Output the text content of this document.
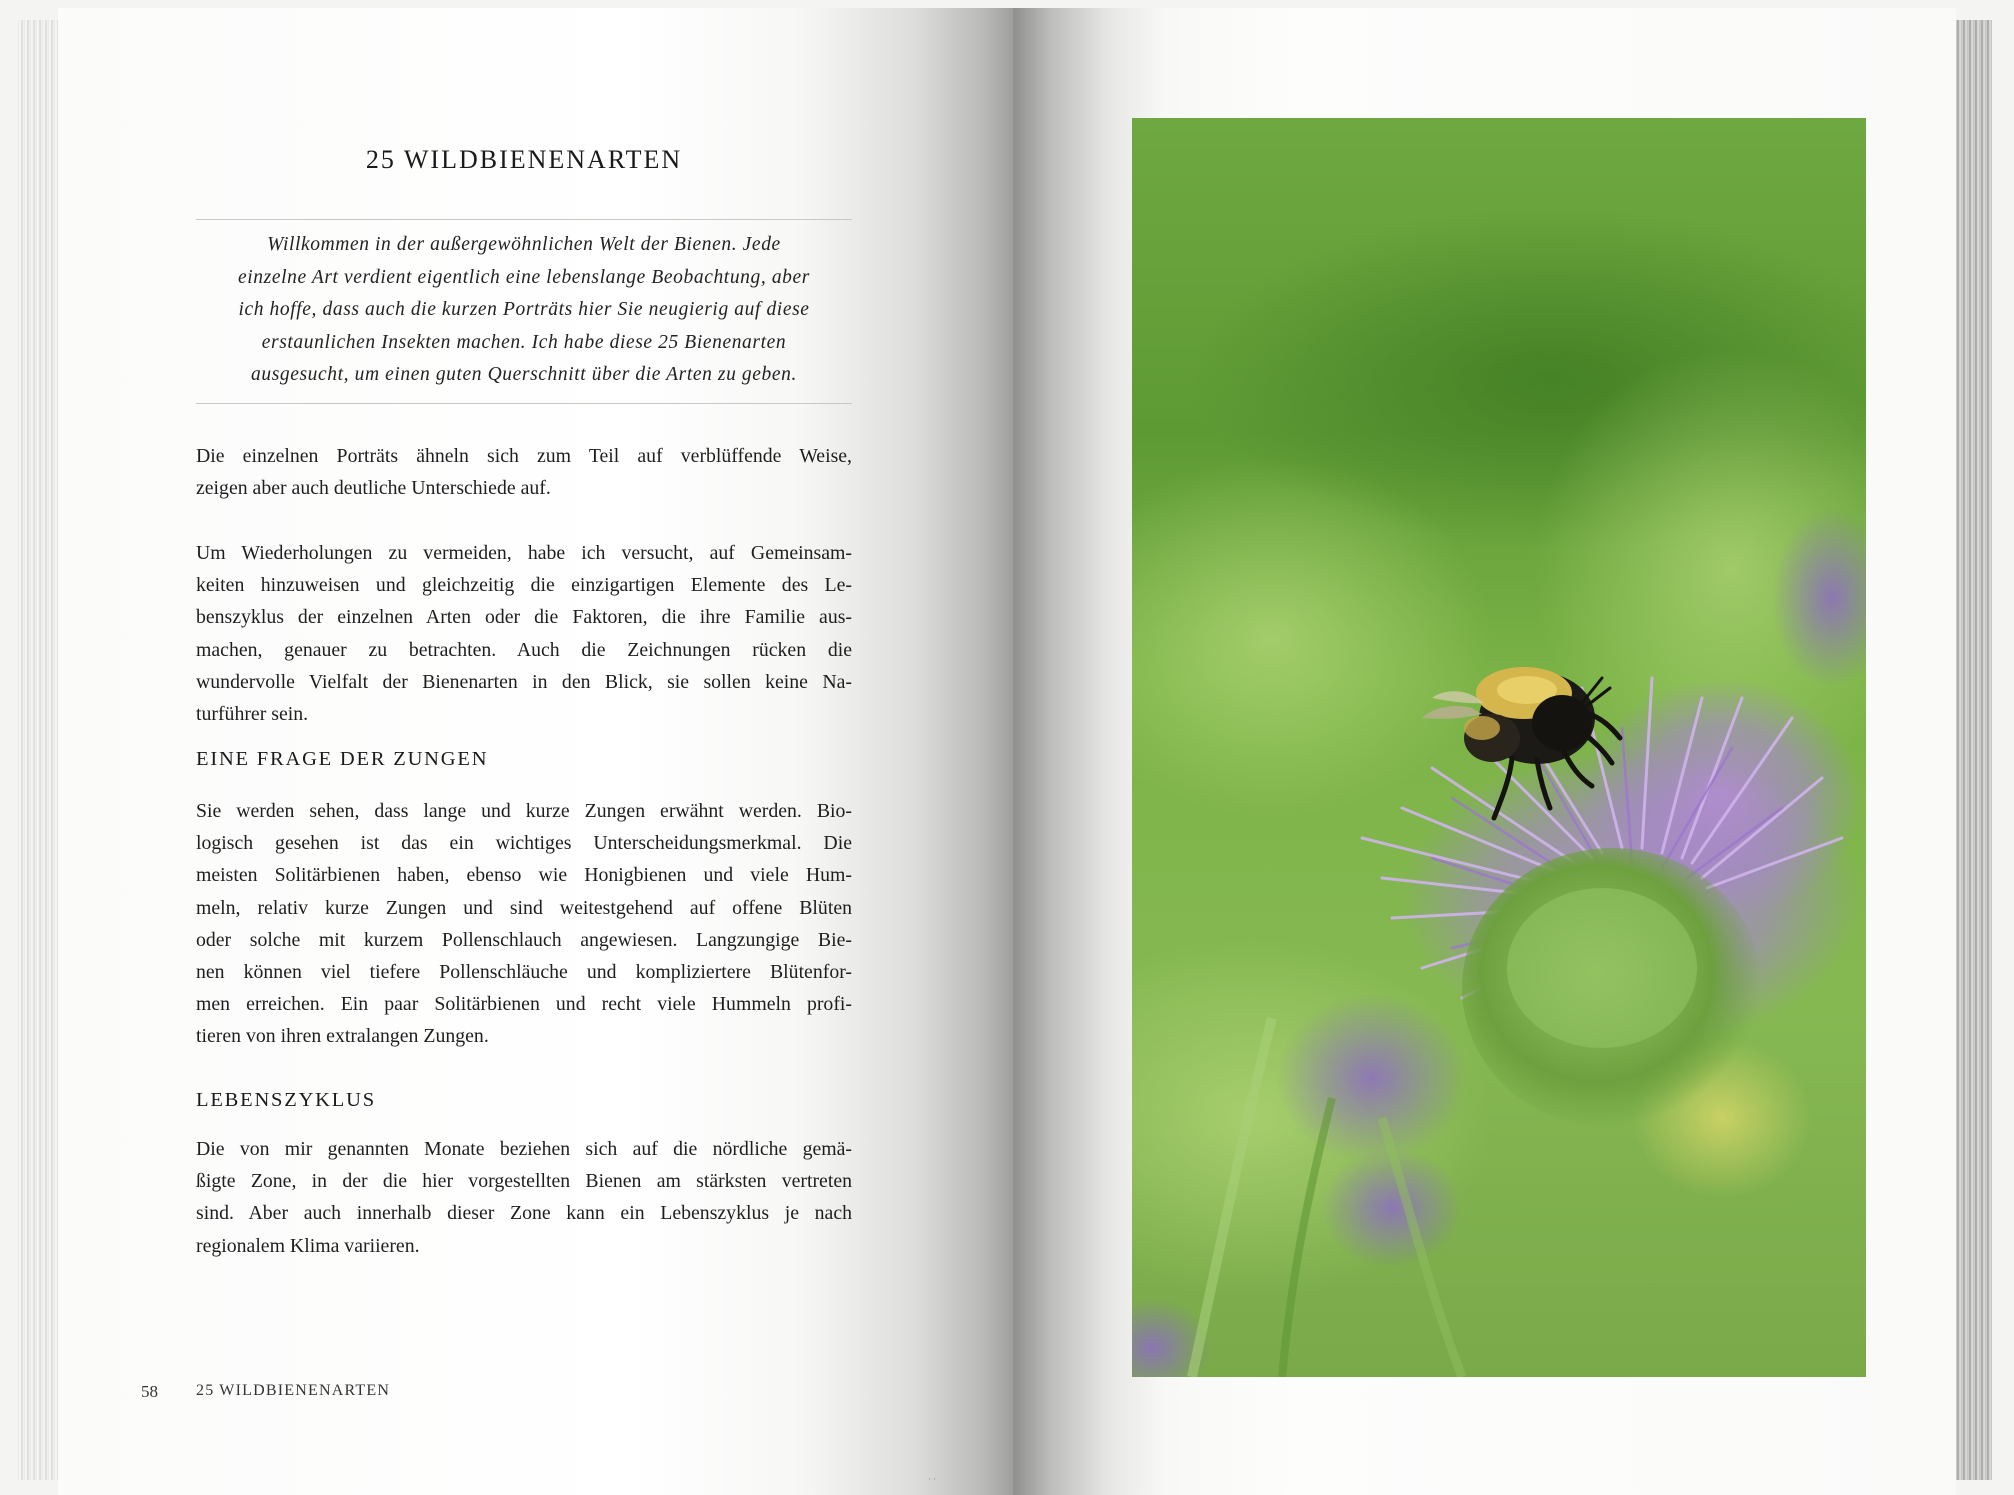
25 WILDBIENENARTEN
Willkommen in der außergewöhnlichen Welt der Bienen. Jede
einzelne Art verdient eigentlich eine lebenslange Beobachtung, aber
ich hoffe, dass auch die kurzen Porträts hier Sie neugierig auf diese
erstaunlichen Insekten machen. Ich habe diese 25 Bienenarten
ausgesucht, um einen guten Querschnitt über die Arten zu geben.
Die einzelnen Porträts ähneln sich zum Teil auf verblüffende Weise,
zeigen aber auch deutliche Unterschiede auf.
Um Wiederholungen zu vermeiden, habe ich versucht, auf Gemeinsam-
keiten hinzuweisen und gleichzeitig die einzigartigen Elemente des Le-
benszyklus der einzelnen Arten oder die Faktoren, die ihre Familie aus-
machen, genauer zu betrachten. Auch die Zeichnungen rücken die
wundervolle Vielfalt der Bienenarten in den Blick, sie sollen keine Na-
turführer sein.
EINE FRAGE DER ZUNGEN
Sie werden sehen, dass lange und kurze Zungen erwähnt werden. Bio-
logisch gesehen ist das ein wichtiges Unterscheidungsmerkmal. Die
meisten Solitärbienen haben, ebenso wie Honigbienen und viele Hum-
meln, relativ kurze Zungen und sind weitestgehend auf offene Blüten
oder solche mit kurzem Pollenschlauch angewiesen. Langzungige Bie-
nen können viel tiefere Pollenschläuche und kompliziertere Blütenfor-
men erreichen. Ein paar Solitärbienen und recht viele Hummeln profi-
tieren von ihren extralangen Zungen.
LEBENSZYKLUS
Die von mir genannten Monate beziehen sich auf die nördliche gemä-
ßigte Zone, in der die hier vorgestellten Bienen am stärksten vertreten
sind. Aber auch innerhalb dieser Zone kann ein Lebenszyklus je nach
regionalem Klima variieren.
58 25 WILDBIENENARTEN
· ·
